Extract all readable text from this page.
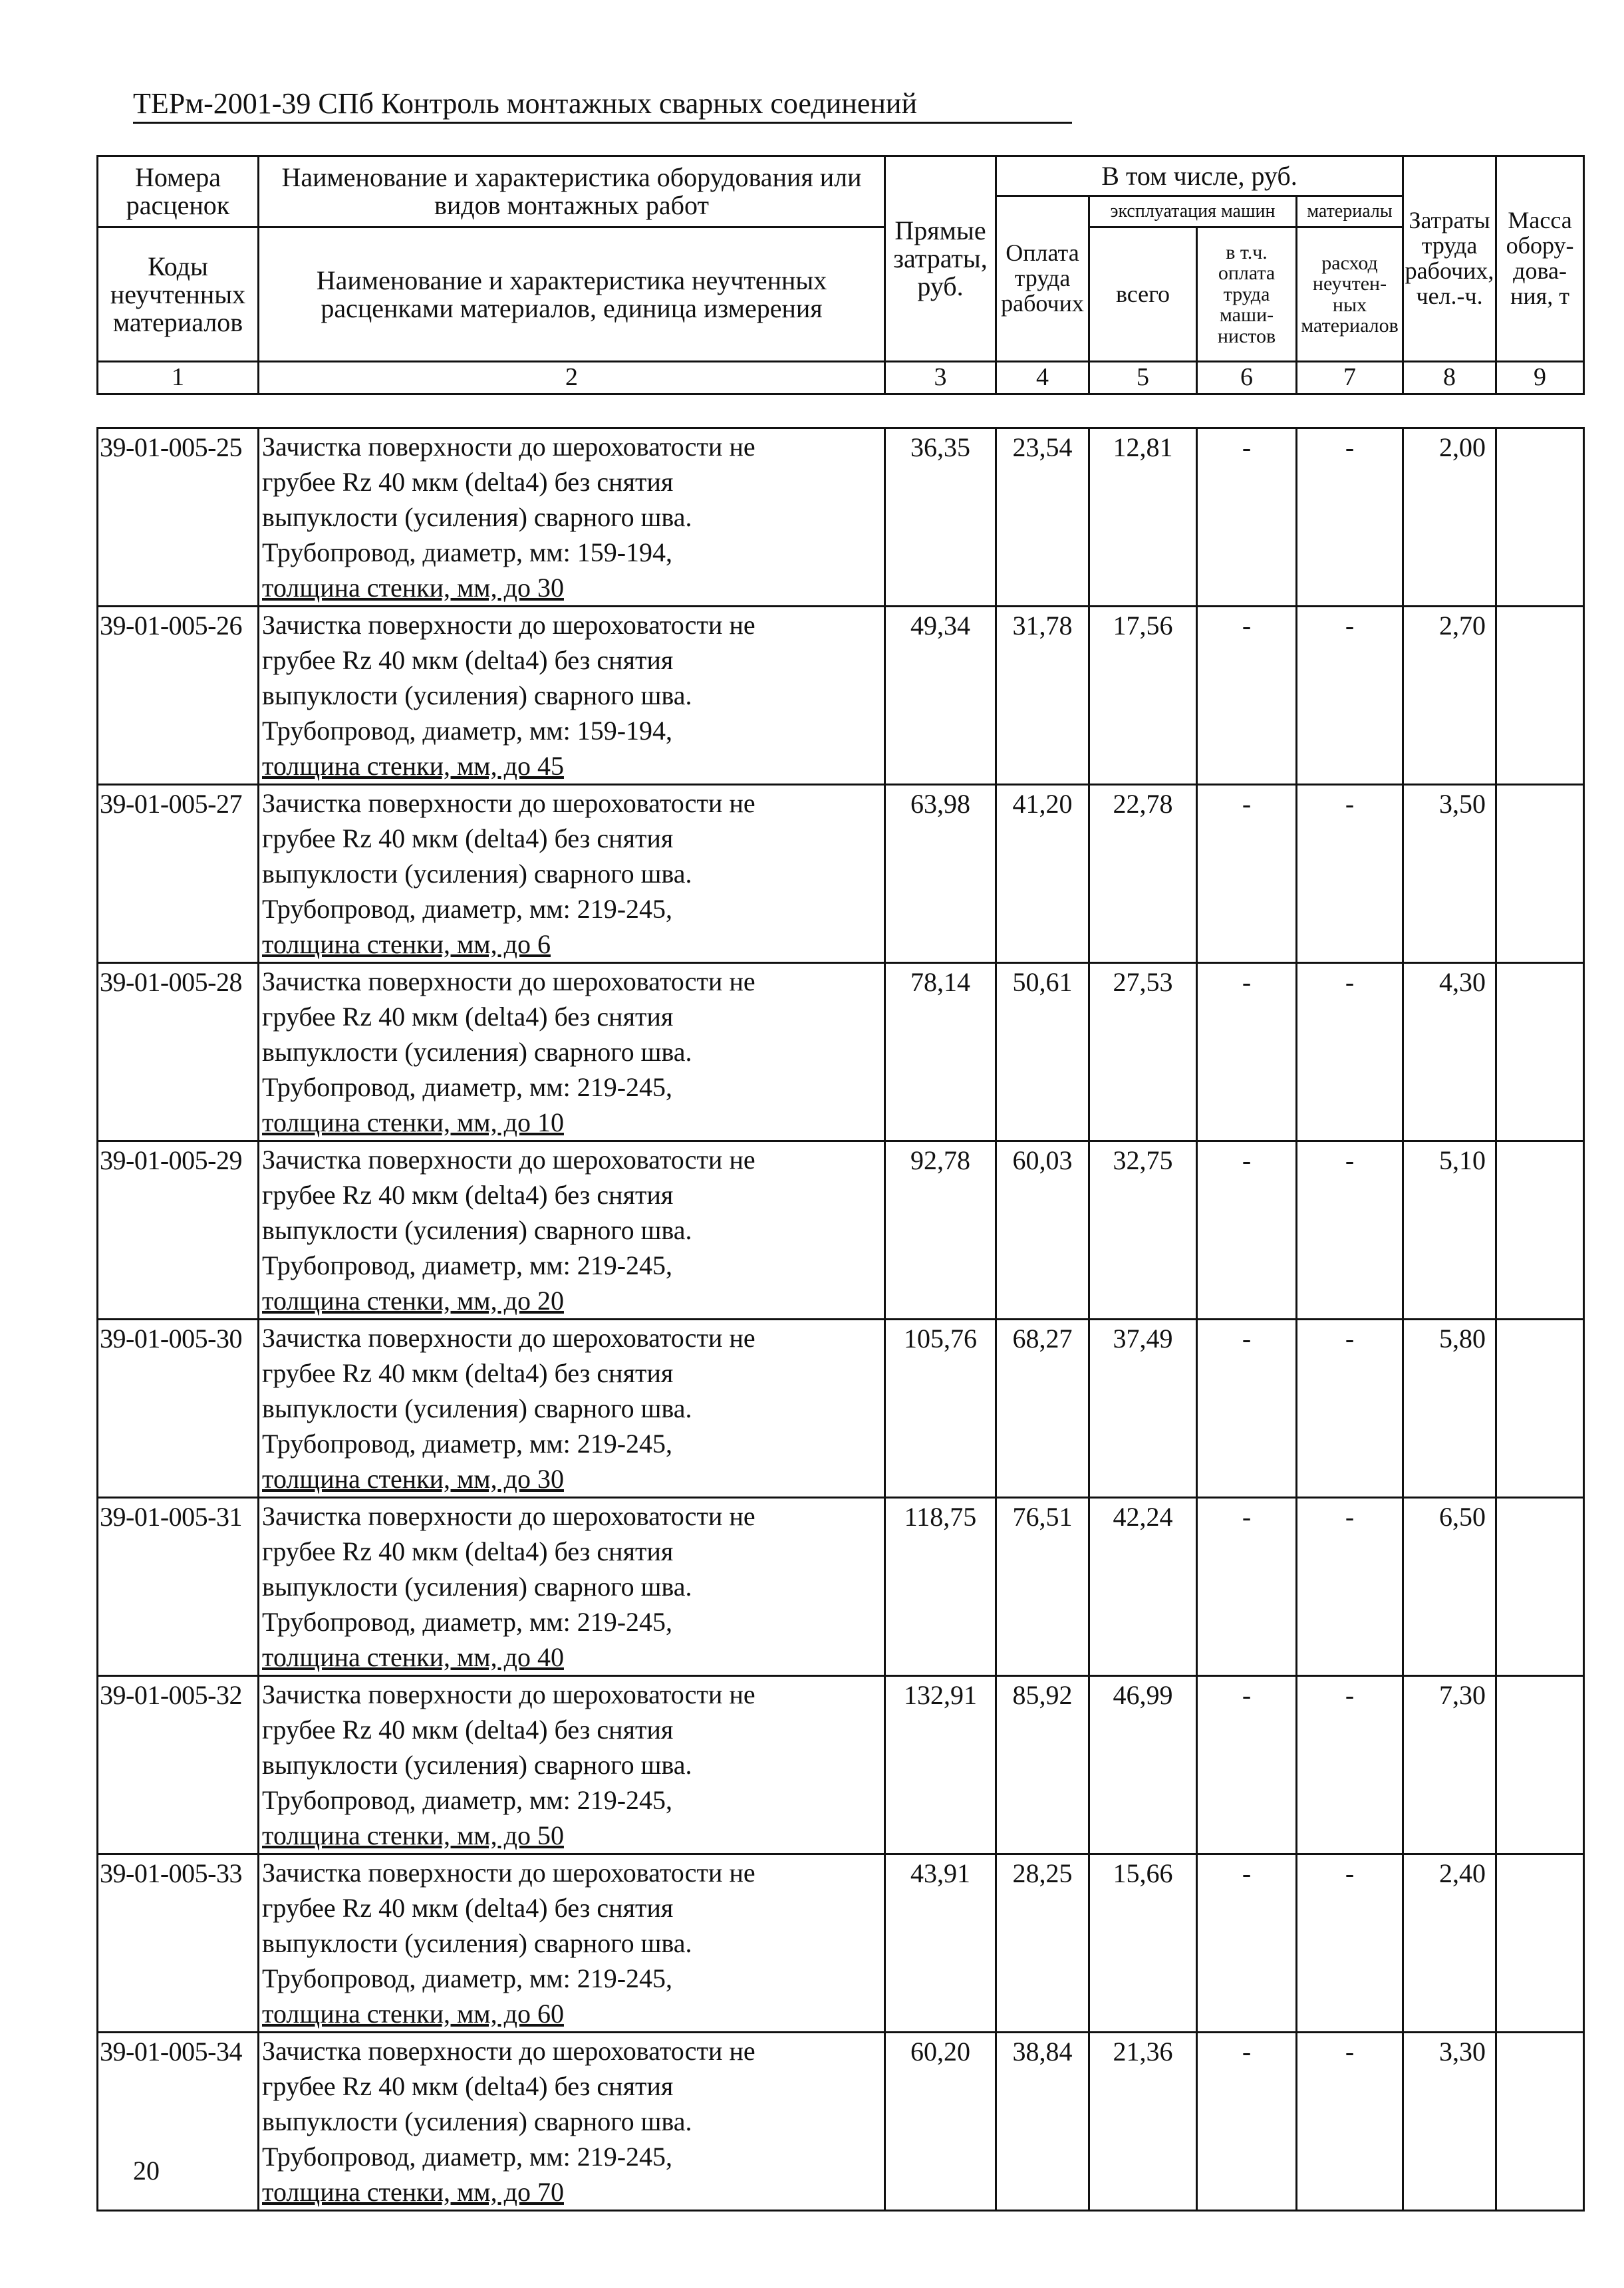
ТЕРм-2001-39 СПб Контроль монтажных сварных соединений
Номера расценок	Наименование и характеристика оборудования или видов монтажных работ	Прямые затраты, руб.	В том числе, руб.				Затраты труда рабочих, чел.-ч.	Масса обору-дова-ния, т
			Оплата труда рабочих	эксплуатация машин		материалы		
Коды неучтенных материалов	Наименование и характеристика неучтенных расценками материалов, единица измерения			всего	в т.ч. оплата труда маши-нистов	расход неучтен-ных материалов		

1	2	3	4	5	6	7	8	9
39-01-005-25	Зачистка поверхности до шероховатости не
грубее Rz 40 мкм (delta4) без снятия
выпуклости (усиления) сварного шва.
Трубопровод, диаметр, мм: 159-194,
толщина стенки, мм, до 30	36,35	23,54	12,81	-	-	2,00	
39-01-005-26	Зачистка поверхности до шероховатости не
грубее Rz 40 мкм (delta4) без снятия
выпуклости (усиления) сварного шва.
Трубопровод, диаметр, мм: 159-194,
толщина стенки, мм, до 45	49,34	31,78	17,56	-	-	2,70	
39-01-005-27	Зачистка поверхности до шероховатости не
грубее Rz 40 мкм (delta4) без снятия
выпуклости (усиления) сварного шва.
Трубопровод, диаметр, мм: 219-245,
толщина стенки, мм, до 6	63,98	41,20	22,78	-	-	3,50	
39-01-005-28	Зачистка поверхности до шероховатости не
грубее Rz 40 мкм (delta4) без снятия
выпуклости (усиления) сварного шва.
Трубопровод, диаметр, мм: 219-245,
толщина стенки, мм, до 10	78,14	50,61	27,53	-	-	4,30	
39-01-005-29	Зачистка поверхности до шероховатости не
грубее Rz 40 мкм (delta4) без снятия
выпуклости (усиления) сварного шва.
Трубопровод, диаметр, мм: 219-245,
толщина стенки, мм, до 20	92,78	60,03	32,75	-	-	5,10	
39-01-005-30	Зачистка поверхности до шероховатости не
грубее Rz 40 мкм (delta4) без снятия
выпуклости (усиления) сварного шва.
Трубопровод, диаметр, мм: 219-245,
толщина стенки, мм, до 30	105,76	68,27	37,49	-	-	5,80	
39-01-005-31	Зачистка поверхности до шероховатости не
грубее Rz 40 мкм (delta4) без снятия
выпуклости (усиления) сварного шва.
Трубопровод, диаметр, мм: 219-245,
толщина стенки, мм, до 40	118,75	76,51	42,24	-	-	6,50	
39-01-005-32	Зачистка поверхности до шероховатости не
грубее Rz 40 мкм (delta4) без снятия
выпуклости (усиления) сварного шва.
Трубопровод, диаметр, мм: 219-245,
толщина стенки, мм, до 50	132,91	85,92	46,99	-	-	7,30	
39-01-005-33	Зачистка поверхности до шероховатости не
грубее Rz 40 мкм (delta4) без снятия
выпуклости (усиления) сварного шва.
Трубопровод, диаметр, мм: 219-245,
толщина стенки, мм, до 60	43,91	28,25	15,66	-	-	2,40	
39-01-005-34	Зачистка поверхности до шероховатости не
грубее Rz 40 мкм (delta4) без снятия
выпуклости (усиления) сварного шва.
Трубопровод, диаметр, мм: 219-245,
толщина стенки, мм, до 70	60,20	38,84	21,36	-	-	3,30	
20
